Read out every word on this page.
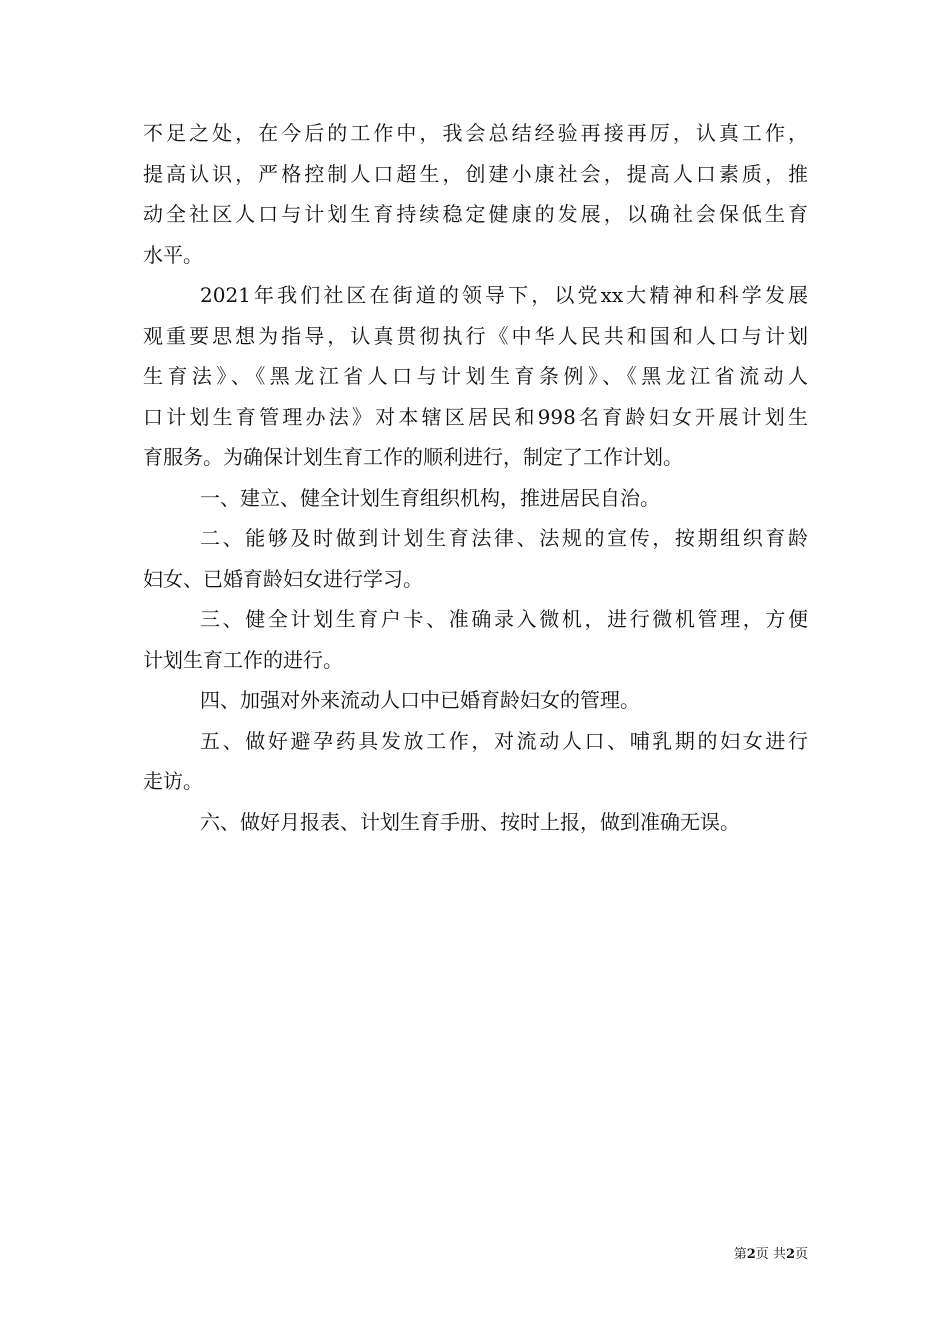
不足之处，在今后的工作中，我会总结经验再接再厉，认真工作，
提高认识，严格控制人口超生，创建小康社会，提高人口素质，推
动全社区人口与计划生育持续稳定健康的发展，以确社会保低生育
水平。
2021年我们社区在街道的领导下，以党xx大精神和科学发展
观重要思想为指导，认真贯彻执行《中华人民共和国和人口与计划
生育法》、《黑龙江省人口与计划生育条例》、《黑龙江省流动人
口计划生育管理办法》对本辖区居民和998名育龄妇女开展计划生
育服务。为确保计划生育工作的顺利进行，制定了工作计划。
一、建立、健全计划生育组织机构，推进居民自治。
二、能够及时做到计划生育法律、法规的宣传，按期组织育龄
妇女、已婚育龄妇女进行学习。
三、健全计划生育户卡、准确录入微机，进行微机管理，方便
计划生育工作的进行。
四、加强对外来流动人口中已婚育龄妇女的管理。
五、做好避孕药具发放工作，对流动人口、哺乳期的妇女进行
走访。
六、做好月报表、计划生育手册、按时上报，做到准确无误。
第2页 共2页
